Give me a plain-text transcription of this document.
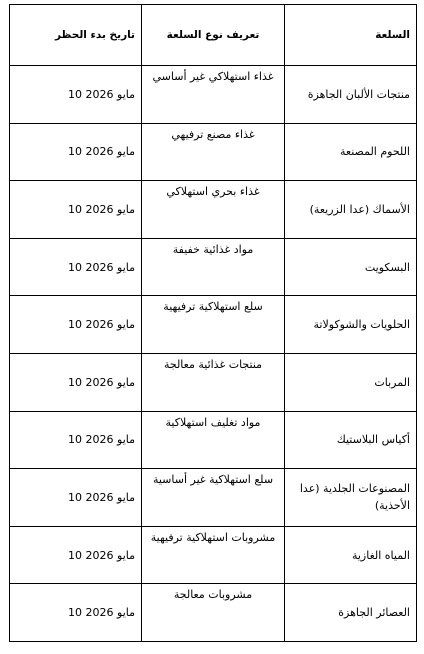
السلعة	تعريف نوع السلعة	تاريخ بدء الحظر
منتجات الألبان الجاهزة	غذاء استهلاكي غير أساسي	مايو 2026 10
اللحوم المصنعة	غذاء مصنع ترفيهي	مايو 2026 10
الأسماك (عدا الزريعة)	غذاء بحري استهلاكي	مايو 2026 10
البسكويت	مواد غذائية خفيفة	مايو 2026 10
الحلويات والشوكولاتة	سلع استهلاكية ترفيهية	مايو 2026 10
المربات	منتجات غذائية معالجة	مايو 2026 10
أكياس البلاستيك	مواد تغليف استهلاكية	مايو 2026 10
المصنوعات الجلدية (عدا الأحذية)	سلع استهلاكية غير أساسية	مايو 2026 10
المياه الغازية	مشروبات استهلاكية ترفيهية	مايو 2026 10
العصائر الجاهزة	مشروبات معالجة	مايو 2026 10
